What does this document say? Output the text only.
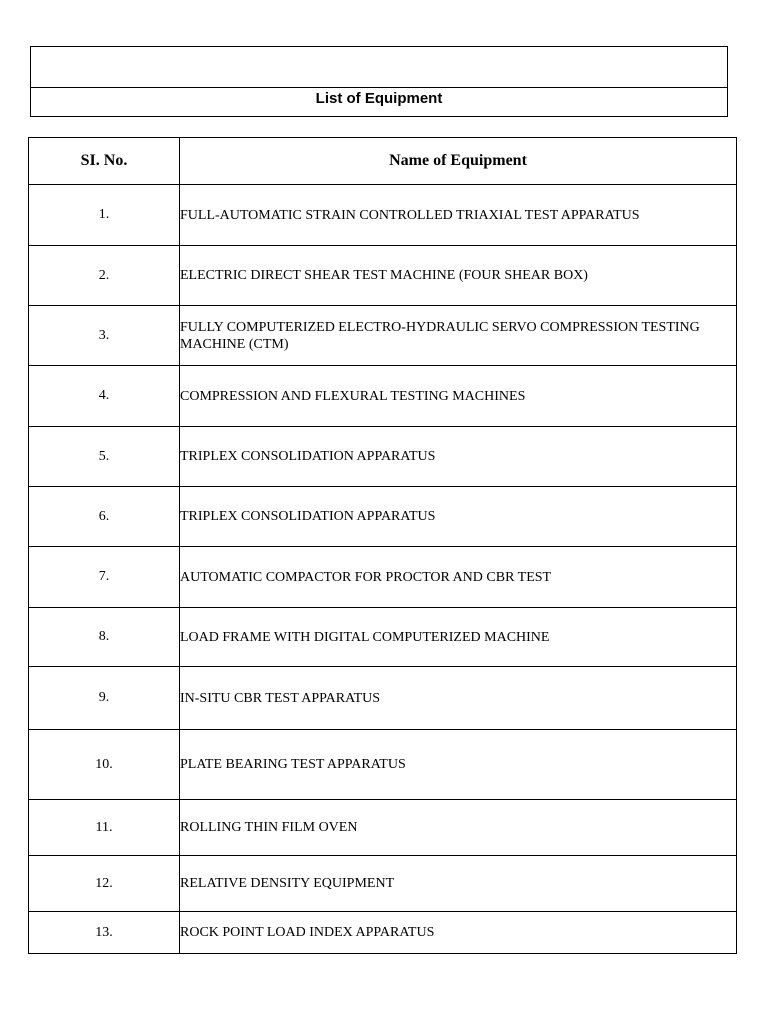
List of Equipment
SI. No.	Name of Equipment
1.	FULL-AUTOMATIC STRAIN CONTROLLED TRIAXIAL TEST APPARATUS
2.	ELECTRIC DIRECT SHEAR TEST MACHINE (FOUR SHEAR BOX)
3.	FULLY COMPUTERIZED ELECTRO-HYDRAULIC SERVO COMPRESSION TESTING MACHINE (CTM)
4.	COMPRESSION AND FLEXURAL TESTING MACHINES
5.	TRIPLEX CONSOLIDATION APPARATUS
6.	TRIPLEX CONSOLIDATION APPARATUS
7.	AUTOMATIC COMPACTOR FOR PROCTOR AND CBR TEST
8.	LOAD FRAME WITH DIGITAL COMPUTERIZED MACHINE
9.	IN-SITU CBR TEST APPARATUS
10.	PLATE BEARING TEST APPARATUS
11.	ROLLING THIN FILM OVEN
12.	RELATIVE DENSITY EQUIPMENT
13.	ROCK POINT LOAD INDEX APPARATUS
